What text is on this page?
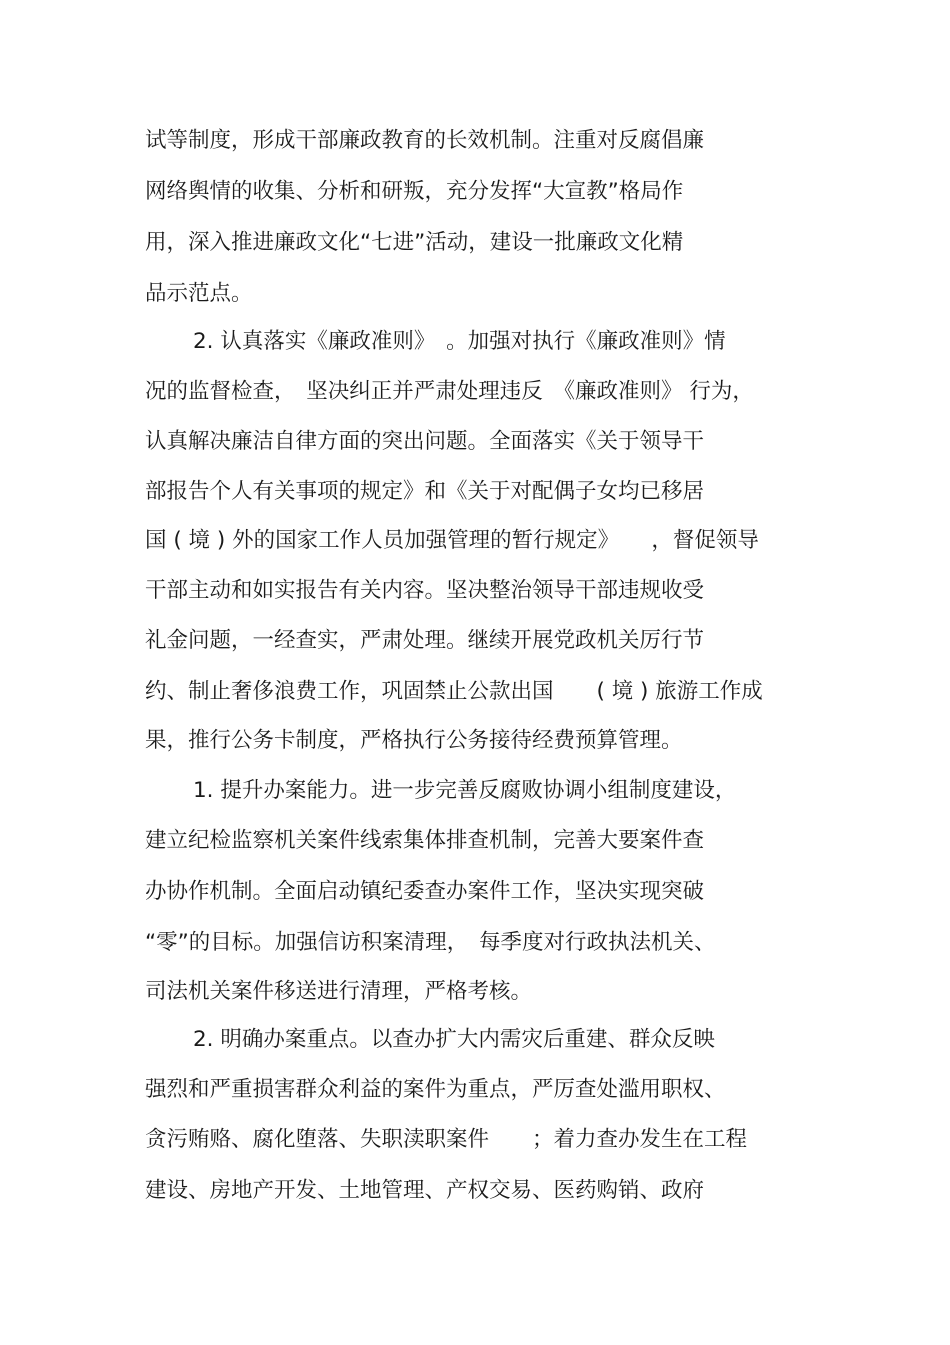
试等制度，形成干部廉政教育的长效机制。注重对反腐倡廉
网络舆情的收集、分析和研叛，充分发挥“大宣教”格局作
用，深入推进廉政文化“七进”活动，建设一批廉政文化精
品示范点。
2. 认真落实《廉政准则》　。加强对执行《廉政准则》情
况的监督检查，　坚决纠正并严肃处理违反　《廉政准则》 行为，
认真解决廉洁自律方面的突出问题。全面落实《关于领导干
部报告个人有关事项的规定》和《关于对配偶子女均已移居
国 ( 境 ) 外的国家工作人员加强管理的暂行规定》　　，督促领导
干部主动和如实报告有关内容。坚决整治领导干部违规收受
礼金问题，一经查实，严肃处理。继续开展党政机关厉行节
约、制止奢侈浪费工作，巩固禁止公款出国　　( 境 ) 旅游工作成
果，推行公务卡制度，严格执行公务接待经费预算管理。
1. 提升办案能力。进一步完善反腐败协调小组制度建设，
建立纪检监察机关案件线索集体排查机制，完善大要案件查
办协作机制。全面启动镇纪委查办案件工作，坚决实现突破
“零”的目标。加强信访积案清理，　每季度对行政执法机关、
司法机关案件移送进行清理，严格考核。
2. 明确办案重点。以查办扩大内需灾后重建、群众反映
强烈和严重损害群众利益的案件为重点，严厉查处滥用职权、
贪污贿赂、腐化堕落、失职渎职案件　　；着力查办发生在工程
建设、房地产开发、土地管理、产权交易、医药购销、政府
